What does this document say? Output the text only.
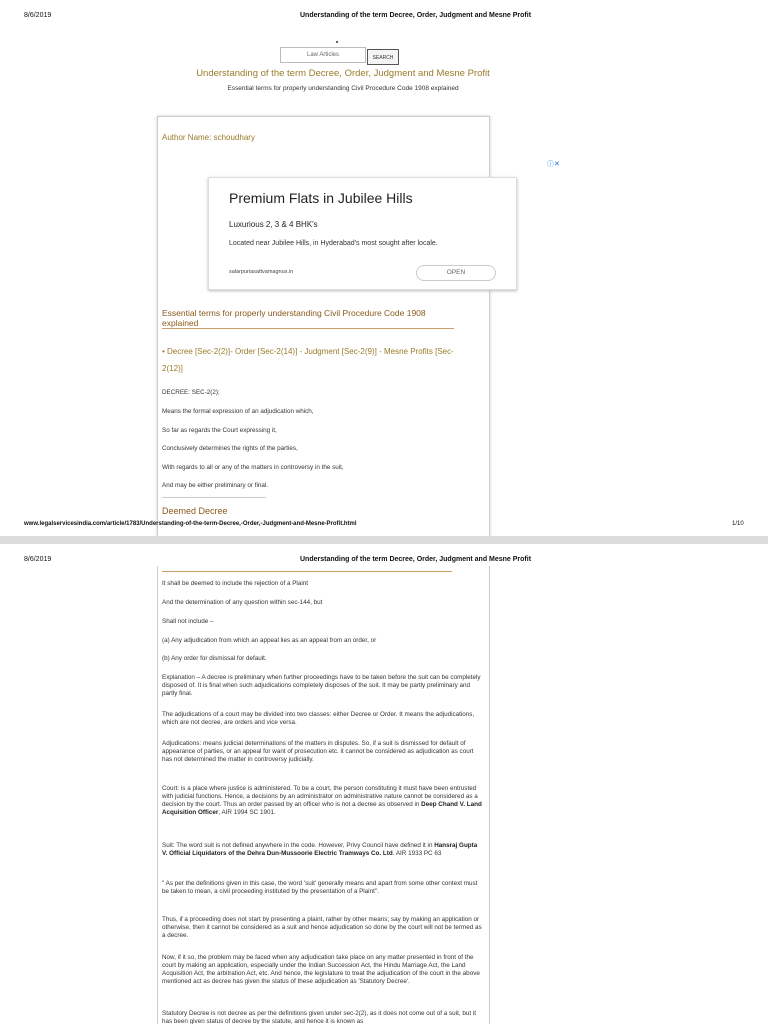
8/6/2019	Understanding of the term Decree, Order, Judgment and Mesne Profit
Law Articles	SEARCH
Understanding of the term Decree, Order, Judgment and Mesne Profit
Essential terms for properly understanding Civil Procedure Code 1908 explained
Author Name: schoudhary
ⓘ✕
Premium Flats in Jubilee Hills
Luxurious 2, 3 & 4 BHK's
Located near Jubilee Hills, in Hyderabad's most sought after locale.
salarpuriasattvamagnus.in	OPEN
Essential terms for properly understanding Civil Procedure Code 1908 explained
• Decree [Sec-2(2)]- Order [Sec-2(14)] - Judgment [Sec-2(9)] - Mesne Profits [Sec-2(12)]
DECREE: SEC-2(2);
Means the formal expression of an adjudication which,
So far as regards the Court expressing it,
Conclusively determines the rights of the parties,
With regards to all or any of the matters in controversy in the suit,
And may be either preliminary or final.
Deemed Decree
www.legalservicesindia.com/article/1783/Understanding-of-the-term-Decree,-Order,-Judgment-and-Mesne-Profit.html	1/10
8/6/2019	Understanding of the term Decree, Order, Judgment and Mesne Profit
It shall be deemed to include the rejection of a Plaint
And the determination of any question within sec-144, but
Shall not include –
(a) Any adjudication from which an appeal lies as an appeal from an order, or
(b) Any order for dismissal for default.
Explanation – A decree is preliminary when further proceedings have to be taken before the suit can be completely disposed of. It is final when such adjudications completely disposes of the suit. It may be partly preliminary and partly final.
The adjudications of a court may be divided into two classes: either Decree or Order. It means the adjudications, which are not decree, are orders and vice versa.
Adjudications: means judicial determinations of the matters in disputes. So, if a suit is dismissed for default of appearance of parties, or an appeal for want of prosecution etc. it cannot be considered as adjudication as court has not determined the matter in controversy judicially.
Court: is a place where justice is administered. To be a court, the person constituting it must have been entrusted with judicial functions. Hence, a decisions by an administrator on administrative nature cannot be considered as a decision by the court. Thus an order passed by an officer who is not a decree as observed in Deep Chand V. Land Acquisition Officer, AIR 1994 SC 1901.
Suit: The word suit is not defined anywhere in the code. However, Privy Council have defined it in Hansraj Gupta V. Official Liquidators of the Dehra Dun-Mussoorie Electric Tramways Co. Ltd. AIR 1933 PC 63
" As per the definitions given in this case, the word 'suit' generally means and apart from some other context must be taken to mean, a civil proceeding instituted by the presentation of a Plaint".
Thus, if a proceeding does not start by presenting a plaint, rather by other means; say by making an application or otherwise, then it cannot be considered as a suit and hence adjudication so done by the court will not be termed as a decree.
Now, if it so, the problem may be faced when any adjudication take place on any matter presented in front of the court by making an application, especially under the Indian Succession Act, the Hindu Marriage Act, the Land Acquisition Act, the arbitration Act, etc. And hence, the legislature to treat the adjudication of the court in the above mentioned act as decree has given the status of these adjudication as 'Statutory Decree'.
Statutory Decree is not decree as per the definitions given under sec-2(2), as it does not come out of a suit, but it has been given status of decree by the statute, and hence it is known as
